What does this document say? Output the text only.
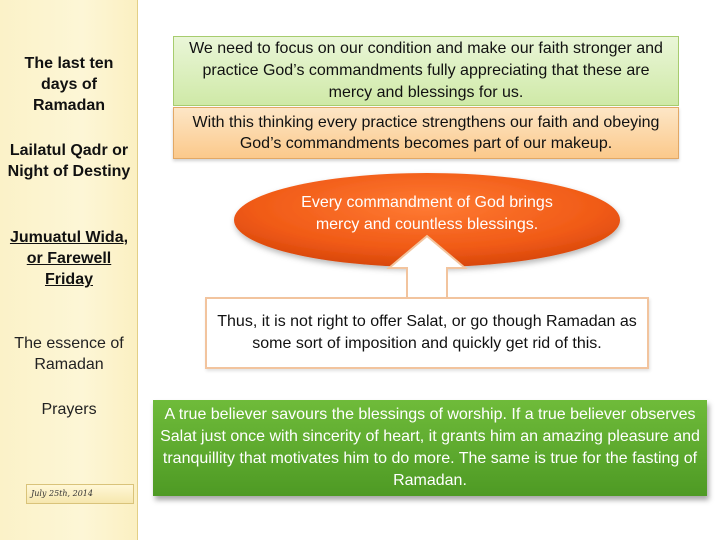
The last ten days of Ramadan
Lailatul Qadr or Night of Destiny
Jumuatul Wida, or Farewell Friday
The essence of Ramadan
Prayers
July 25th, 2014
We need to focus on our condition and make our faith stronger and practice God’s commandments fully appreciating that these are mercy and blessings for us.
With this thinking every practice strengthens our faith and obeying God’s commandments becomes part of our makeup.
Every commandment of God brings mercy and countless blessings.
Thus, it is not right to offer Salat, or go though Ramadan as some sort of imposition and quickly get rid of this.
A true believer savours the blessings of worship. If a true believer observes Salat just once with sincerity of heart, it grants him an amazing pleasure and tranquillity that motivates him to do more. The same is true for the fasting of Ramadan.
